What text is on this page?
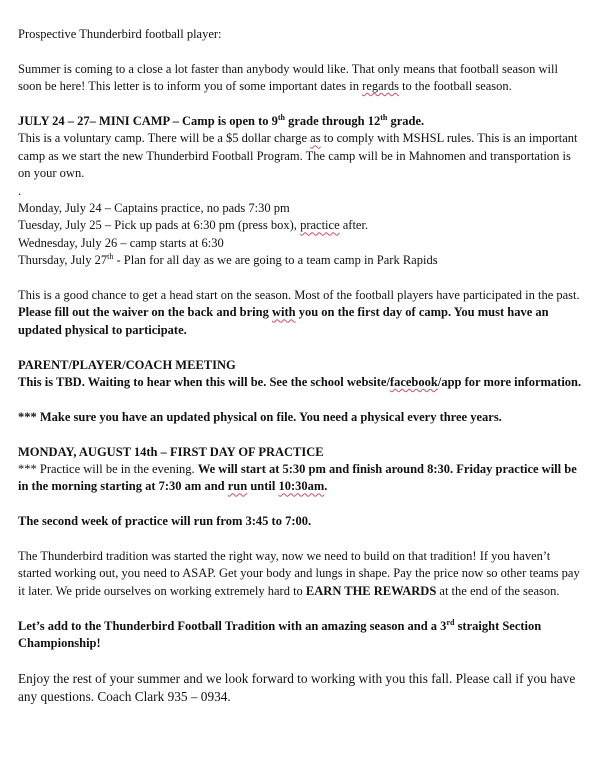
Prospective Thunderbird football player:

Summer is coming to a close a lot faster than anybody would like. That only means that football season will soon be here! This letter is to inform you of some important dates in regards to the football season.

JULY 24 – 27– MINI CAMP – Camp is open to 9th grade through 12th grade.

This is a voluntary camp. There will be a $5 dollar charge as to comply with MSHSL rules. This is an important camp as we start the new Thunderbird Football Program. The camp will be in Mahnomen and transportation is on your own.

.

Monday, July 24 – Captains practice, no pads 7:30 pm

Tuesday, July 25 – Pick up pads at 6:30 pm (press box), practice after.

Wednesday, July 26 – camp starts at 6:30

Thursday, July 27th - Plan for all day as we are going to a team camp in Park Rapids

This is a good chance to get a head start on the season. Most of the football players have participated in the past. Please fill out the waiver on the back and bring with you on the first day of camp. You must have an updated physical to participate.

PARENT/PLAYER/COACH MEETING

This is TBD. Waiting to hear when this will be. See the school website/facebook/app for more information.

*** Make sure you have an updated physical on file. You need a physical every three years.

MONDAY, AUGUST 14th – FIRST DAY OF PRACTICE

*** Practice will be in the evening. We will start at 5:30 pm and finish around 8:30. Friday practice will be in the morning starting at 7:30 am and run until 10:30am.

The second week of practice will run from 3:45 to 7:00.

The Thunderbird tradition was started the right way, now we need to build on that tradition! If you haven’t started working out, you need to ASAP. Get your body and lungs in shape. Pay the price now so other teams pay it later. We pride ourselves on working extremely hard to EARN THE REWARDS at the end of the season.

Let’s add to the Thunderbird Football Tradition with an amazing season and a 3rd straight Section Championship!

Enjoy the rest of your summer and we look forward to working with you this fall. Please call if you have any questions. Coach Clark 935 – 0934.
